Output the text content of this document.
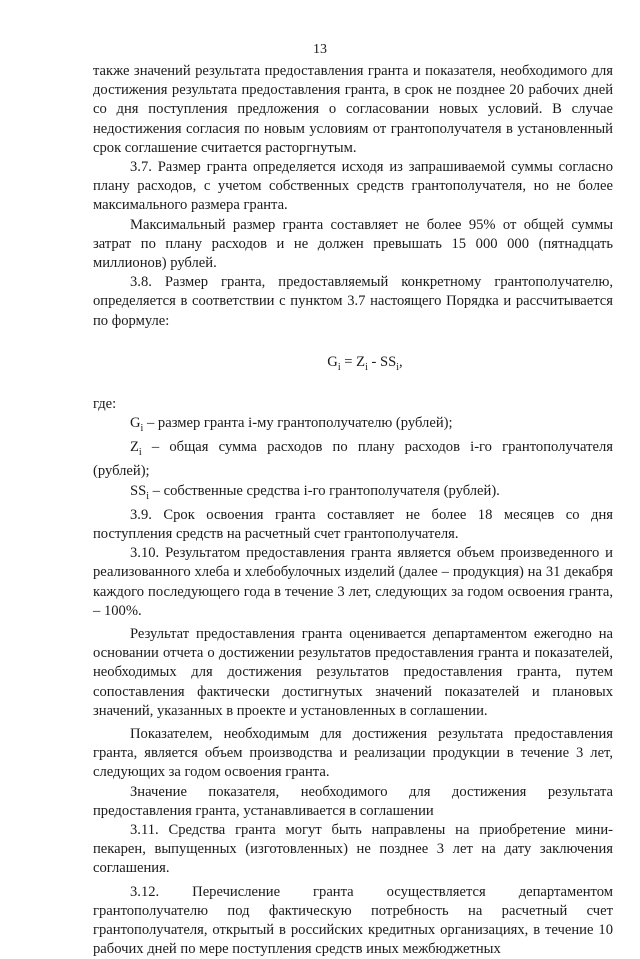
13

также значений результата предоставления гранта и показателя, необходимого для достижения результата предоставления гранта, в срок не позднее 20 рабочих дней со дня поступления предложения о согласовании новых условий. В случае недостижения согласия по новым условиям от грантополучателя в установленный срок соглашение считается расторгнутым.

3.7. Размер гранта определяется исходя из запрашиваемой суммы согласно плану расходов, с учетом собственных средств грантополучателя, но не более максимального размера гранта.

Максимальный размер гранта составляет не более 95% от общей суммы затрат по плану расходов и не должен превышать 15 000 000 (пятнадцать миллионов) рублей.

3.8. Размер гранта, предоставляемый конкретному грантополучателю, определяется в соответствии с пунктом 3.7 настоящего Порядка и рассчитывается по формуле:

$G_i = Z_i - SS_i$,

где:

$G_i$ – размер гранта i-му грантополучателю (рублей);

$Z_i$ – общая сумма расходов по плану расходов i-го грантополучателя (рублей);

$SS_i$ – собственные средства i-го грантополучателя (рублей).

3.9. Срок освоения гранта составляет не более 18 месяцев со дня поступления средств на расчетный счет грантополучателя.

3.10. Результатом предоставления гранта является объем произведенного и реализованного хлеба и хлебобулочных изделий (далее – продукция) на 31 декабря каждого последующего года в течение 3 лет, следующих за годом освоения гранта, – 100%.

Результат предоставления гранта оценивается департаментом ежегодно на основании отчета о достижении результатов предоставления гранта и показателей, необходимых для достижения результатов предоставления гранта, путем сопоставления фактически достигнутых значений показателей и плановых значений, указанных в проекте и установленных в соглашении.

Показателем, необходимым для достижения результата предоставления гранта, является объем производства и реализации продукции в течение 3 лет, следующих за годом освоения гранта.

Значение показателя, необходимого для достижения результата предоставления гранта, устанавливается в соглашении

3.11. Средства гранта могут быть направлены на приобретение мини-пекарен, выпущенных (изготовленных) не позднее 3 лет на дату заключения соглашения.

3.12. Перечисление гранта осуществляется департаментом грантополучателю под фактическую потребность на расчетный счет грантополучателя, открытый в российских кредитных организациях, в течение 10 рабочих дней по мере поступления средств иных межбюджетных
